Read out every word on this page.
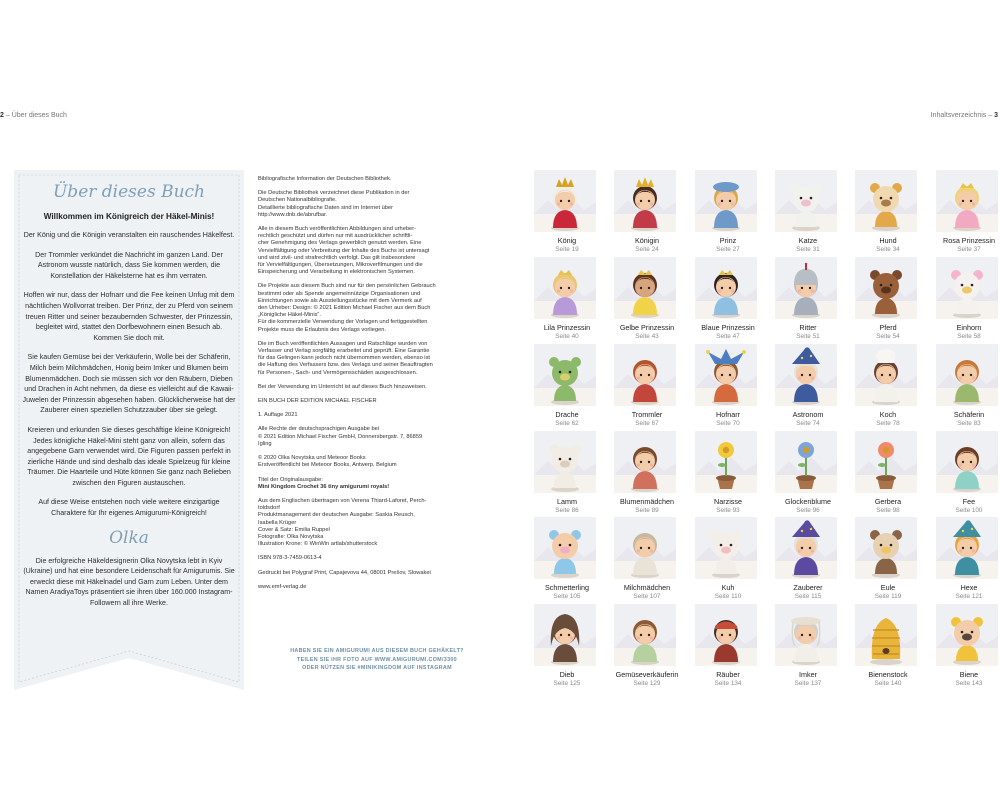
2 – Über dieses Buch	Inhaltsverzeichnis – 3
Über dieses Buch
Willkommen im Königreich der Häkel-Minis!

Der König und die Königin veranstalten ein rauschendes Häkelfest.

Der Trommler verkündet die Nachricht im ganzen Land. Der Astronom wusste natürlich, dass Sie kommen werden, die Konstellation der Häkelsterne hat es ihm verraten.

Hoffen wir nur, dass der Hofnarr und die Fee keinen Unfug mit dem nächtlichen Wollvorrat treiben. Der Prinz, der zu Pferd von seinem treuen Ritter und seiner bezaubernden Schwester, der Prinzessin, begleitet wird, stattet den Dorfbewohnern einen Besuch ab. Kommen Sie doch mit.

Sie kaufen Gemüse bei der Verkäuferin, Wolle bei der Schäferin, Milch beim Milchmädchen, Honig beim Imker und Blumen beim Blumenmädchen. Doch sie müssen sich vor den Räubern, Dieben und Drachen in Acht nehmen, da diese es vielleicht auf die Kawaii-Juwelen der Prinzessin abgesehen haben. Glücklicherweise hat der Zauberer einen speziellen Schutzzauber über sie gelegt.

Kreieren und erkunden Sie dieses geschäftige kleine Königreich! Jedes königliche Häkel-Mini steht ganz von allein, sofern das angegebene Garn verwendet wird. Die Figuren passen perfekt in zierliche Hände und sind deshalb das ideale Spielzeug für kleine Träumer. Die Haarteile und Hüte können Sie ganz nach Belieben zwischen den Figuren austauschen.

Auf diese Weise entstehen noch viele weitere einzigartige Charaktere für Ihr eigenes Amigurumi-Königreich!

Olka

Die erfolgreiche Häkeldesignerin Olka Novytska lebt in Kyiv (Ukraine) und hat eine besondere Leidenschaft für Amigurumis. Sie erweckt diese mit Häkelnadel und Garn zum Leben. Unter dem Namen AradiyaToys präsentiert sie ihren über 160.000 Instagram-Followern all ihre Werke.

Bibliografische Information der Deutschen Bibliothek.

Die Deutsche Bibliothek verzeichnet diese Publikation in der
Deutschen Nationalbibliografie.
Detaillierte bibliografische Daten sind im Internet über
http://www.dnb.de/abrufbar.

Alle in diesem Buch veröffentlichten Abbildungen sind urheber-
rechtlich geschützt und dürfen nur mit ausdrücklicher schriftli-
cher Genehmigung des Verlags gewerblich genutzt werden. Eine
Vervielfältigung oder Verbreitung der Inhalte des Buchs ist untersagt
und wird zivil- und strafrechtlich verfolgt. Das gilt insbesondere
für Vervielfältigungen, Übersetzungen, Mikroverfilmungen und die
Einspeicherung und Verarbeitung in elektronischen Systemen.

Die Projekte aus diesem Buch sind nur für den persönlichen Gebrauch
bestimmt oder als Spende angemeinnützige Organisationen und
Einrichtungen sowie als Ausstellungsstücke mit dem Vermerk auf
den Urheber: Design: © 2021 Edition Michael Fischer aus dem Buch
„Königliche Häkel-Minis“.
Für die kommerzielle Verwendung der Vorlagen und fertiggestellten
Projekte muss die Erlaubnis des Verlags vorliegen.

Die im Buch veröffentlichten Aussagen und Ratschläge wurden von
Verfasser und Verlag sorgfältig erarbeitet und geprüft. Eine Garantie
für das Gelingen kann jedoch nicht übernommen werden, ebenso ist
die Haftung des Verfassers bzw. des Verlags und seiner Beauftragten
für Personen-, Sach- und Vermögensschäden ausgeschlossen.

Bei der Verwendung im Unterricht ist auf dieses Buch hinzuweisen.

EIN BUCH DER EDITION MICHAEL FISCHER

1. Auflage 2021

Alle Rechte der deutschsprachigen Ausgabe bei
© 2021 Edition Michael Fischer GmbH, Donnersbergstr. 7, 86859
Igling

© 2020 Olka Novytska und Meteoor Books
Erstveröffentlicht bei Meteoor Books, Antwerp, Belgium

Titel der Originalausgabe:
Mini Kingdom Crochet 36 tiny amigurumi royals!

Aus dem Englischen übertragen von Verena Thiard-Laforet, Perch-
toldsdorf
Produktmanagement der deutschen Ausgabe: Saskia Reusch,
Isabella Krüger
Cover & Satz: Emilia Ruppel
Fotografie: Olka Novytska
Illustration Krone: © WinWin artlab/shutterstock

ISBN 978-3-7459-0613-4

Gedruckt bei Polygraf Print, Capajevova 44, 08001 Prešov, Slowakei

www.emf-verlag.de

HABEN SIE EIN AMIGURUMI AUS DIESEM BUCH GEHÄKELT?
TEILEN SIE IHR FOTO AUF WWW.AMIGURUMI.COM/3300
ODER NÜTZEN SIE #MINIKINGDOM AUF INSTAGRAM
König
Seite 19
Königin
Seite 24
Prinz
Seite 27
Katze
Seite 31
Hund
Seite 34
Rosa Prinzessin
Seite 37
Lila Prinzessin
Seite 40
Gelbe Prinzessin
Seite 43
Blaue Prinzessin
Seite 47
Ritter
Seite 51
Pferd
Seite 54
Einhorn
Seite 58
Drache
Seite 62
Trommler
Seite 67
Hofnarr
Seite 70
Astronom
Seite 74
Koch
Seite 78
Schäferin
Seite 83
Lamm
Seite 86
Blumenmädchen
Seite 89
Narzisse
Seite 93
Glockenblume
Seite 96
Gerbera
Seite 98
Fee
Seite 100
Schmetterling
Seite 105
Milchmädchen
Seite 107
Kuh
Seite 110
Zauberer
Seite 115
Eule
Seite 119
Hexe
Seite 121
Dieb
Seite 125
Gemüseverkäuferin
Seite 129
Räuber
Seite 134
Imker
Seite 137
Bienenstock
Seite 140
Biene
Seite 143
